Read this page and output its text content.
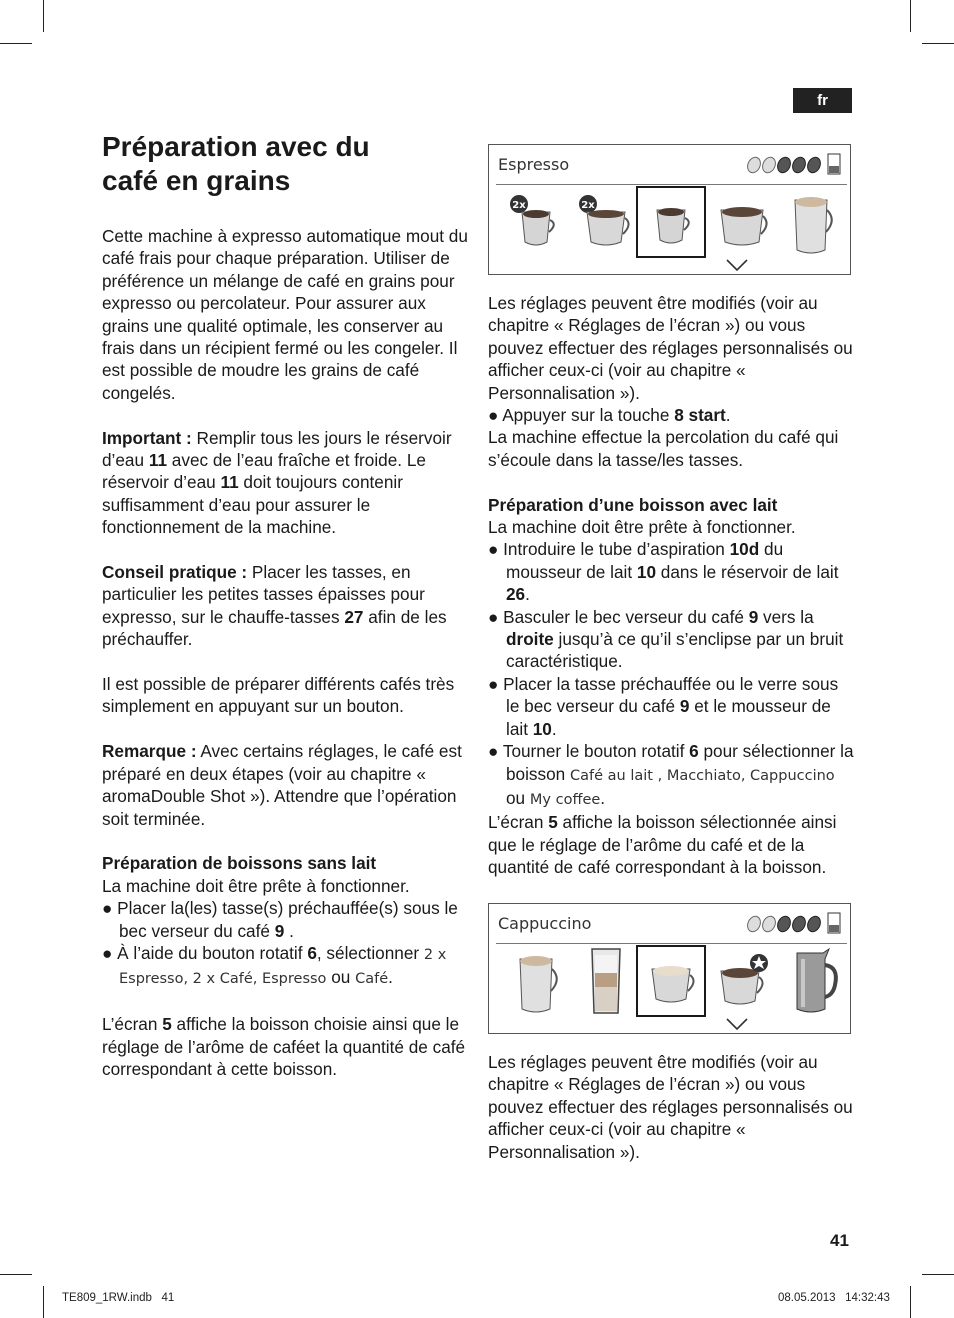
fr
Préparation avec du
café en grains

Cette machine à expresso automatique mout du café frais pour chaque préparation. Utiliser de préférence un mélange de café en grains pour expresso ou percolateur. Pour assurer aux grains une qualité optimale, les conserver au frais dans un récipient fermé ou les congeler. Il est possible de moudre les grains de café congelés.

Important : Remplir tous les jours le réservoir d’eau 11 avec de l’eau fraîche et froide. Le réservoir d’eau 11 doit toujours contenir suffisamment d’eau pour assurer le fonctionnement de la machine.

Conseil pratique : Placer les tasses, en particulier les petites tasses épaisses pour expresso, sur le chauffe-tasses 27 afin de les préchauffer.

Il est possible de préparer différents cafés très simplement en appuyant sur un bouton.

Remarque : Avec certains réglages, le café est préparé en deux étapes (voir au chapitre « aromaDouble Shot »). Attendre que l’opération soit terminée.

Préparation de boissons sans lait

La machine doit être prête à fonctionner.

● Placer la(les) tasse(s) préchauffée(s) sous le bec verseur du café 9 .

● À l’aide du bouton rotatif 6, sélectionner 2 x Espresso, 2 x Café, Espresso ou Café.

L’écran 5 affiche la boisson choisie ainsi que le réglage de l’arôme de caféet la quantité de café correspondant à cette boisson.

Espresso
2x	2x

Les réglages peuvent être modifiés (voir au chapitre « Réglages de l’écran ») ou vous pouvez effectuer des réglages personnalisés ou afficher ceux-ci (voir au chapitre « Personnalisation »).

● Appuyer sur la touche 8 start.

La machine effectue la percolation du café qui s’écoule dans la tasse/les tasses.

Préparation d’une boisson avec lait

La machine doit être prête à fonctionner.

● Introduire le tube d’aspiration 10d du mousseur de lait 10 dans le réservoir de lait 26.

● Basculer le bec verseur du café 9 vers la droite jusqu’à ce qu’il s’enclipse par un bruit caractéristique.

● Placer la tasse préchauffée ou le verre sous le bec verseur du café 9 et le mousseur de lait 10.

● Tourner le bouton rotatif 6 pour sélectionner la boisson Café au lait , Macchiato, Cappuccino ou My coffee.

L’écran 5 affiche la boisson sélectionnée ainsi que le réglage de l’arôme du café et de la quantité de café correspondant à la boisson.

Cappuccino

Les réglages peuvent être modifiés (voir au chapitre « Réglages de l’écran ») ou vous pouvez effectuer des réglages personnalisés ou afficher ceux-ci (voir au chapitre « Personnalisation »).

41
TE809_1RW.indb   41	08.05.2013   14:32:43
